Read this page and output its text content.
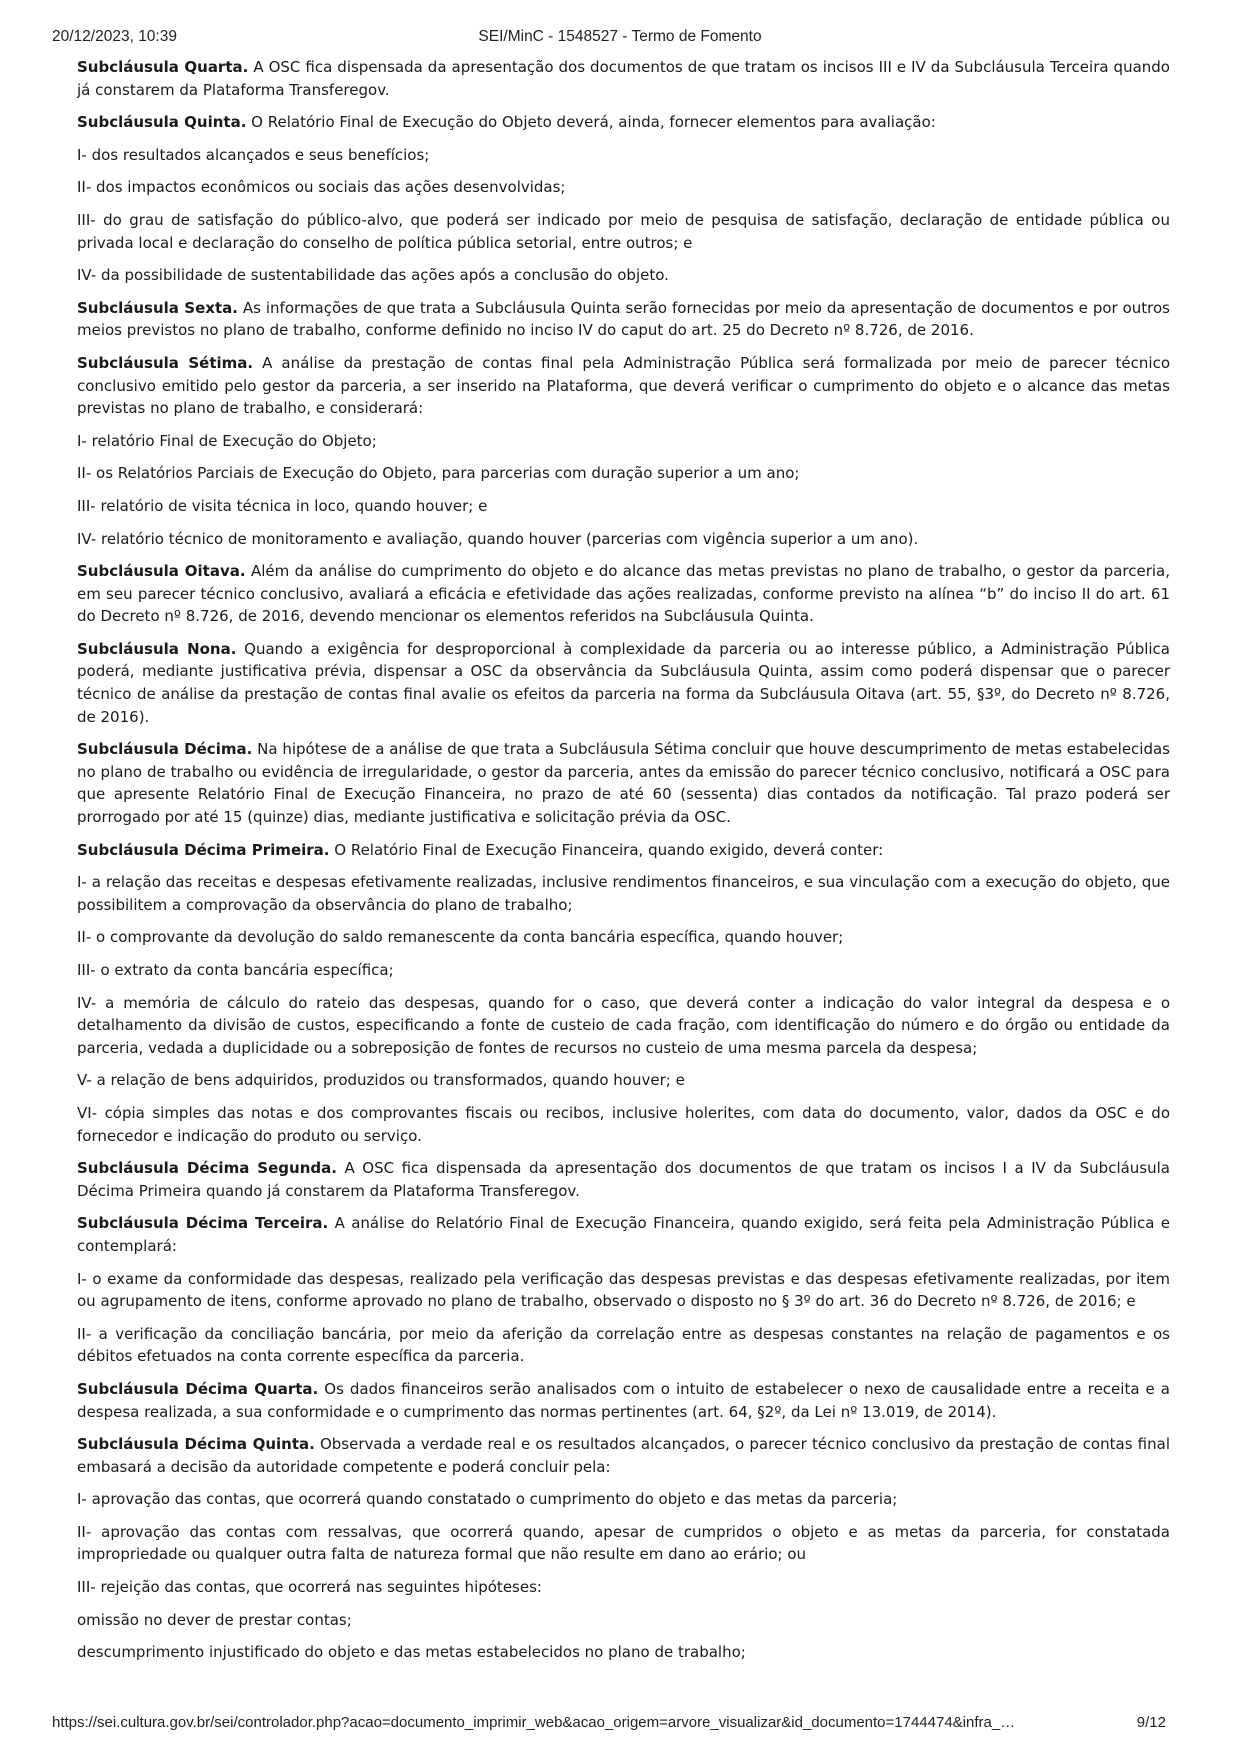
20/12/2023, 10:39	SEI/MinC - 1548527 - Termo de Fomento

Subcláusula Quarta. A OSC fica dispensada da apresentação dos documentos de que tratam os incisos III e IV da Subcláusula Terceira quando já constarem da Plataforma Transferegov.

Subcláusula Quinta. O Relatório Final de Execução do Objeto deverá, ainda, fornecer elementos para avaliação:

I- dos resultados alcançados e seus benefícios;

II- dos impactos econômicos ou sociais das ações desenvolvidas;

III- do grau de satisfação do público-alvo, que poderá ser indicado por meio de pesquisa de satisfação, declaração de entidade pública ou privada local e declaração do conselho de política pública setorial, entre outros; e

IV- da possibilidade de sustentabilidade das ações após a conclusão do objeto.

Subcláusula Sexta. As informações de que trata a Subcláusula Quinta serão fornecidas por meio da apresentação de documentos e por outros meios previstos no plano de trabalho, conforme definido no inciso IV do caput do art. 25 do Decreto nº 8.726, de 2016.

Subcláusula Sétima. A análise da prestação de contas final pela Administração Pública será formalizada por meio de parecer técnico conclusivo emitido pelo gestor da parceria, a ser inserido na Plataforma, que deverá verificar o cumprimento do objeto e o alcance das metas previstas no plano de trabalho, e considerará:

I- relatório Final de Execução do Objeto;

II- os Relatórios Parciais de Execução do Objeto, para parcerias com duração superior a um ano;

III- relatório de visita técnica in loco, quando houver; e

IV- relatório técnico de monitoramento e avaliação, quando houver (parcerias com vigência superior a um ano).

Subcláusula Oitava. Além da análise do cumprimento do objeto e do alcance das metas previstas no plano de trabalho, o gestor da parceria, em seu parecer técnico conclusivo, avaliará a eficácia e efetividade das ações realizadas, conforme previsto na alínea “b” do inciso II do art. 61 do Decreto nº 8.726, de 2016, devendo mencionar os elementos referidos na Subcláusula Quinta.

Subcláusula Nona. Quando a exigência for desproporcional à complexidade da parceria ou ao interesse público, a Administração Pública poderá, mediante justificativa prévia, dispensar a OSC da observância da Subcláusula Quinta, assim como poderá dispensar que o parecer técnico de análise da prestação de contas final avalie os efeitos da parceria na forma da Subcláusula Oitava (art. 55, §3º, do Decreto nº 8.726, de 2016).

Subcláusula Décima. Na hipótese de a análise de que trata a Subcláusula Sétima concluir que houve descumprimento de metas estabelecidas no plano de trabalho ou evidência de irregularidade, o gestor da parceria, antes da emissão do parecer técnico conclusivo, notificará a OSC para que apresente Relatório Final de Execução Financeira, no prazo de até 60 (sessenta) dias contados da notificação. Tal prazo poderá ser prorrogado por até 15 (quinze) dias, mediante justificativa e solicitação prévia da OSC.

Subcláusula Décima Primeira. O Relatório Final de Execução Financeira, quando exigido, deverá conter:

I- a relação das receitas e despesas efetivamente realizadas, inclusive rendimentos financeiros, e sua vinculação com a execução do objeto, que possibilitem a comprovação da observância do plano de trabalho;

II- o comprovante da devolução do saldo remanescente da conta bancária específica, quando houver;

III- o extrato da conta bancária específica;

IV- a memória de cálculo do rateio das despesas, quando for o caso, que deverá conter a indicação do valor integral da despesa e o detalhamento da divisão de custos, especificando a fonte de custeio de cada fração, com identificação do número e do órgão ou entidade da parceria, vedada a duplicidade ou a sobreposição de fontes de recursos no custeio de uma mesma parcela da despesa;

V- a relação de bens adquiridos, produzidos ou transformados, quando houver; e

VI- cópia simples das notas e dos comprovantes fiscais ou recibos, inclusive holerites, com data do documento, valor, dados da OSC e do fornecedor e indicação do produto ou serviço.

Subcláusula Décima Segunda. A OSC fica dispensada da apresentação dos documentos de que tratam os incisos I a IV da Subcláusula Décima Primeira quando já constarem da Plataforma Transferegov.

Subcláusula Décima Terceira. A análise do Relatório Final de Execução Financeira, quando exigido, será feita pela Administração Pública e contemplará:

I- o exame da conformidade das despesas, realizado pela verificação das despesas previstas e das despesas efetivamente realizadas, por item ou agrupamento de itens, conforme aprovado no plano de trabalho, observado o disposto no § 3º do art. 36 do Decreto nº 8.726, de 2016; e

II- a verificação da conciliação bancária, por meio da aferição da correlação entre as despesas constantes na relação de pagamentos e os débitos efetuados na conta corrente específica da parceria.

Subcláusula Décima Quarta. Os dados financeiros serão analisados com o intuito de estabelecer o nexo de causalidade entre a receita e a despesa realizada, a sua conformidade e o cumprimento das normas pertinentes (art. 64, §2º, da Lei nº 13.019, de 2014).

Subcláusula Décima Quinta. Observada a verdade real e os resultados alcançados, o parecer técnico conclusivo da prestação de contas final embasará a decisão da autoridade competente e poderá concluir pela:

I- aprovação das contas, que ocorrerá quando constatado o cumprimento do objeto e das metas da parceria;

II- aprovação das contas com ressalvas, que ocorrerá quando, apesar de cumpridos o objeto e as metas da parceria, for constatada impropriedade ou qualquer outra falta de natureza formal que não resulte em dano ao erário; ou

III- rejeição das contas, que ocorrerá nas seguintes hipóteses:

omissão no dever de prestar contas;

descumprimento injustificado do objeto e das metas estabelecidos no plano de trabalho;

https://sei.cultura.gov.br/sei/controlador.php?acao=documento_imprimir_web&acao_origem=arvore_visualizar&id_documento=1744474&infra_…	9/12
